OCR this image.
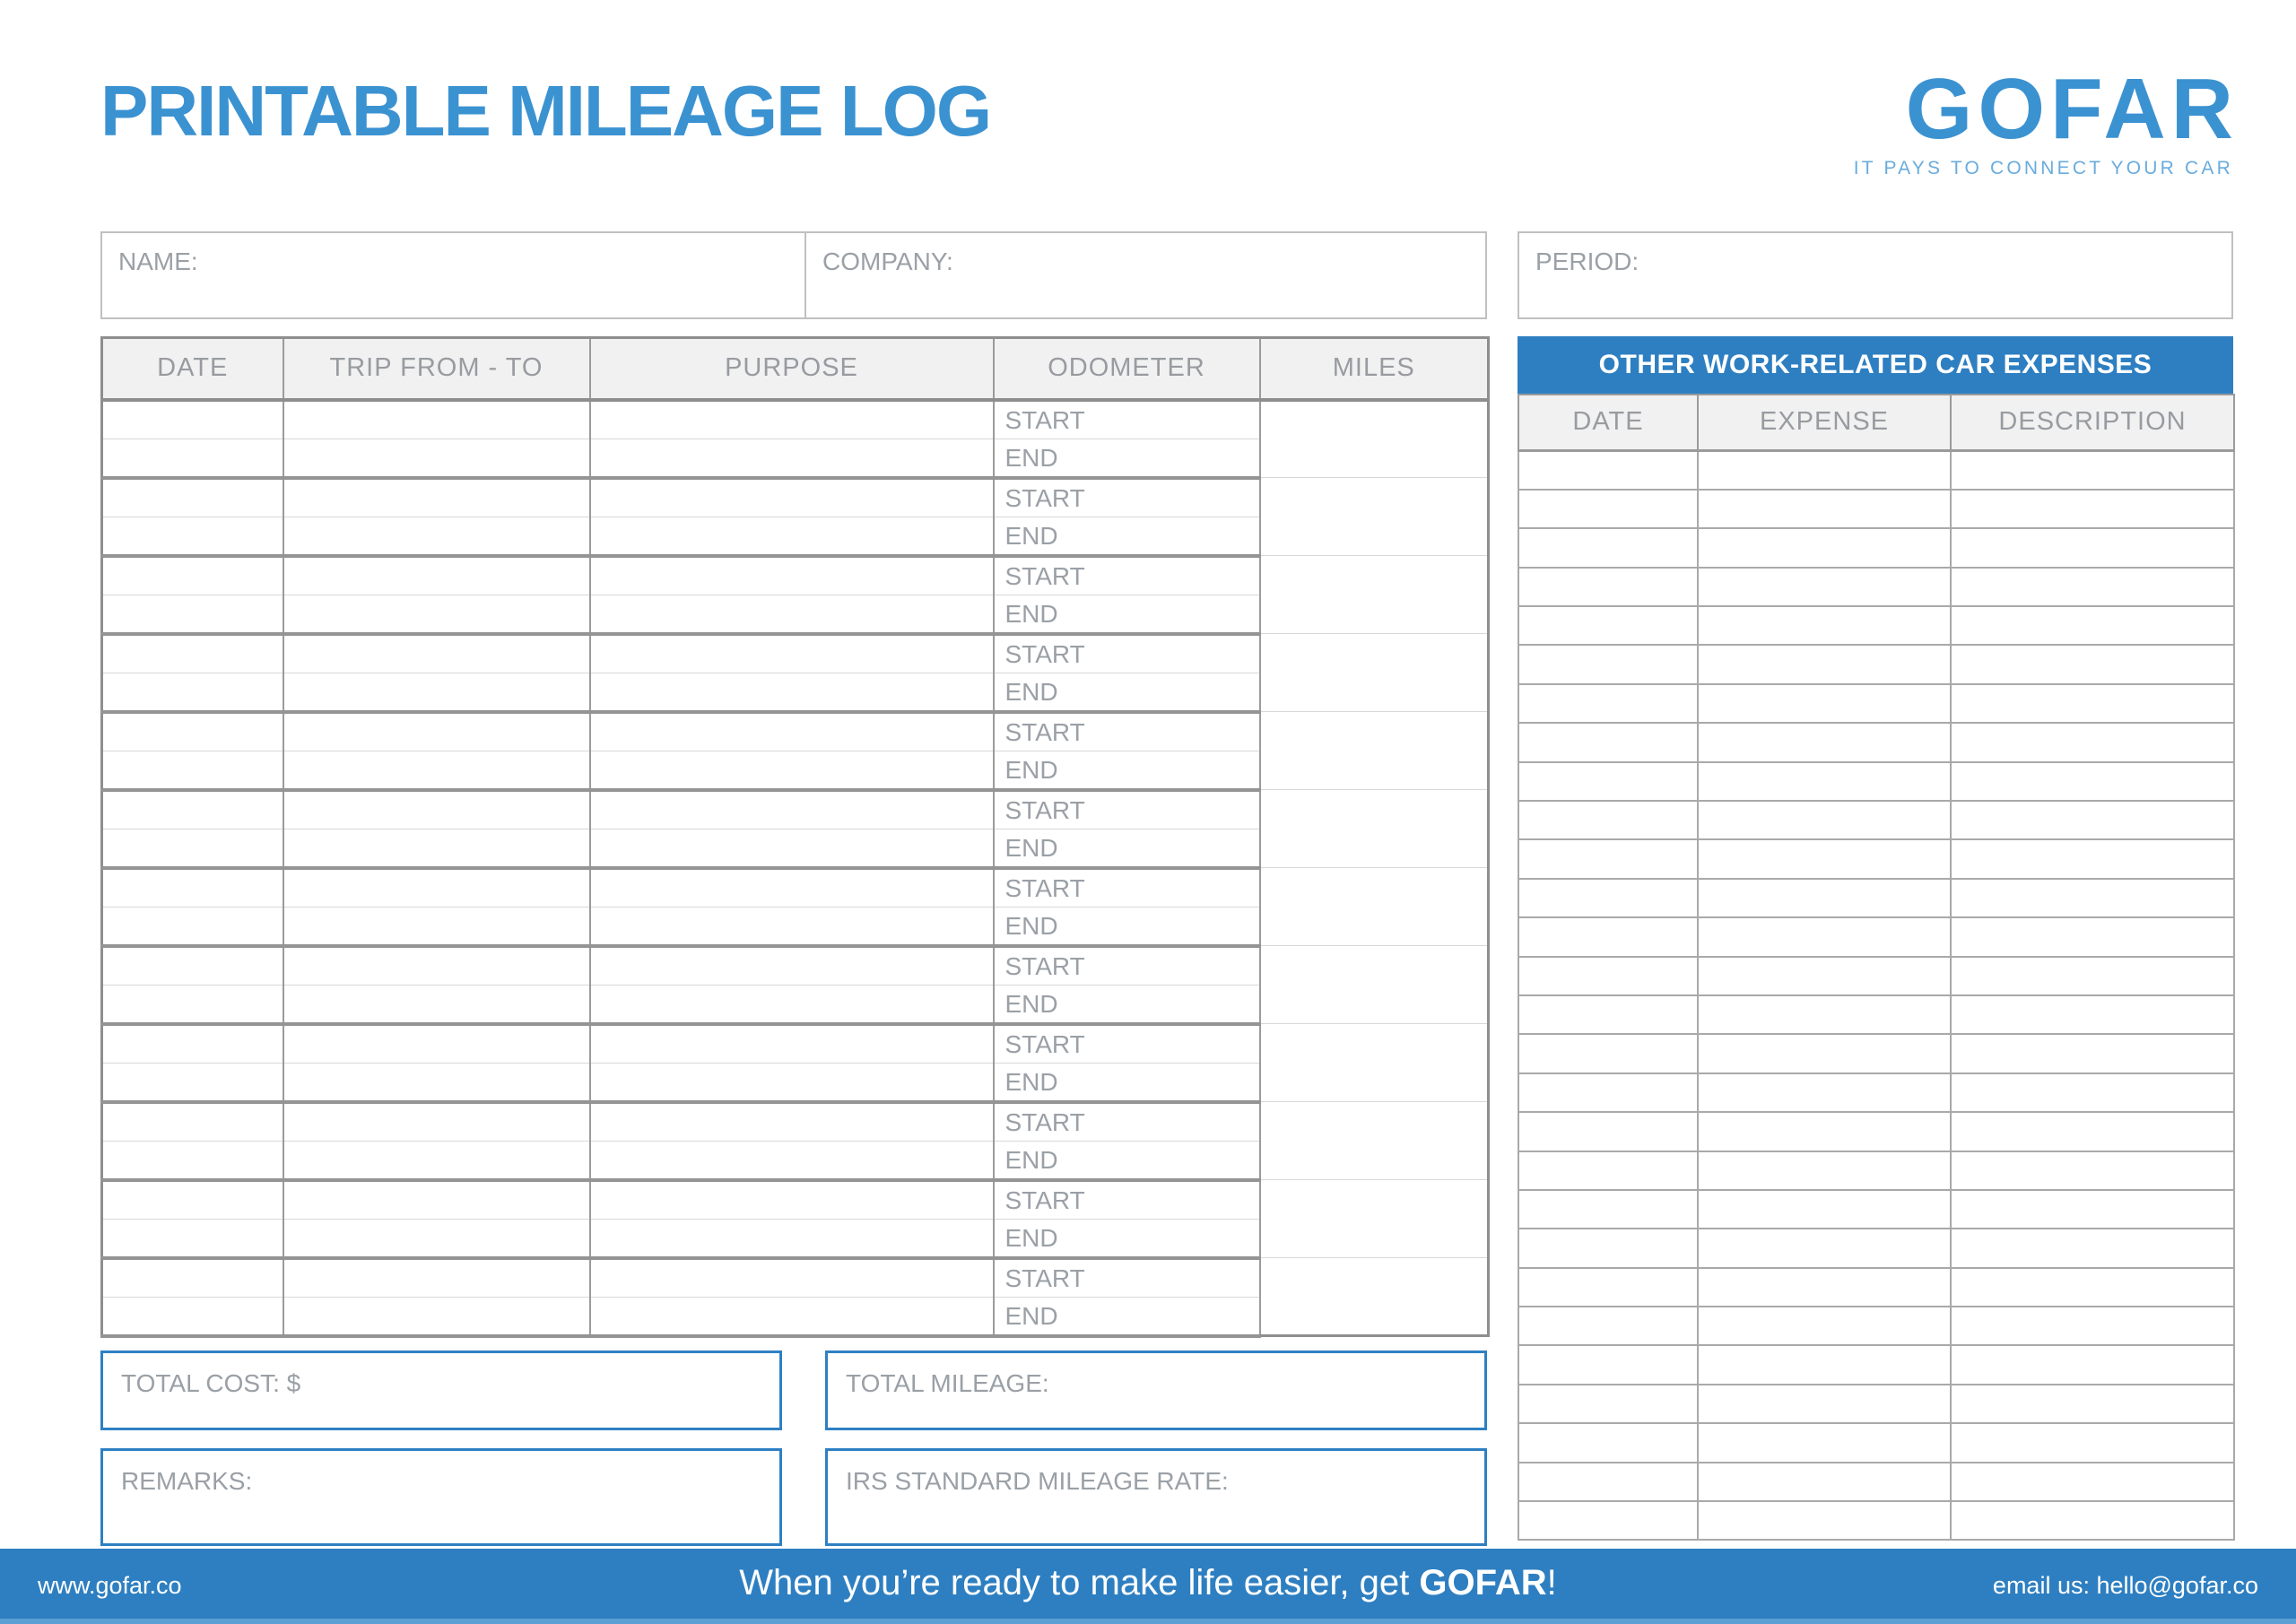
PRINTABLE MILEAGE LOG	GOFAR
IT PAYS TO CONNECT YOUR CAR
NAME:	COMPANY:	PERIOD:
DATE	TRIP FROM - TO	PURPOSE	ODOMETER	MILES

			START	

			END	

			START	

			END	

			START	

			END	

			START	

			END	

			START	

			END	

			START	

			END	

			START	

			END	

			START	

			END	

			START	

			END	

			START	

			END	

			START	

			END	

			START	

			END	
TOTAL COST: $	TOTAL MILEAGE:
REMARKS:	IRS STANDARD MILEAGE RATE:
OTHER WORK-RELATED CAR EXPENSES
DATE	EXPENSE	DESCRIPTION

www.gofar.co	When you’re ready to make life easier, get GOFAR!	email us: hello@gofar.co
